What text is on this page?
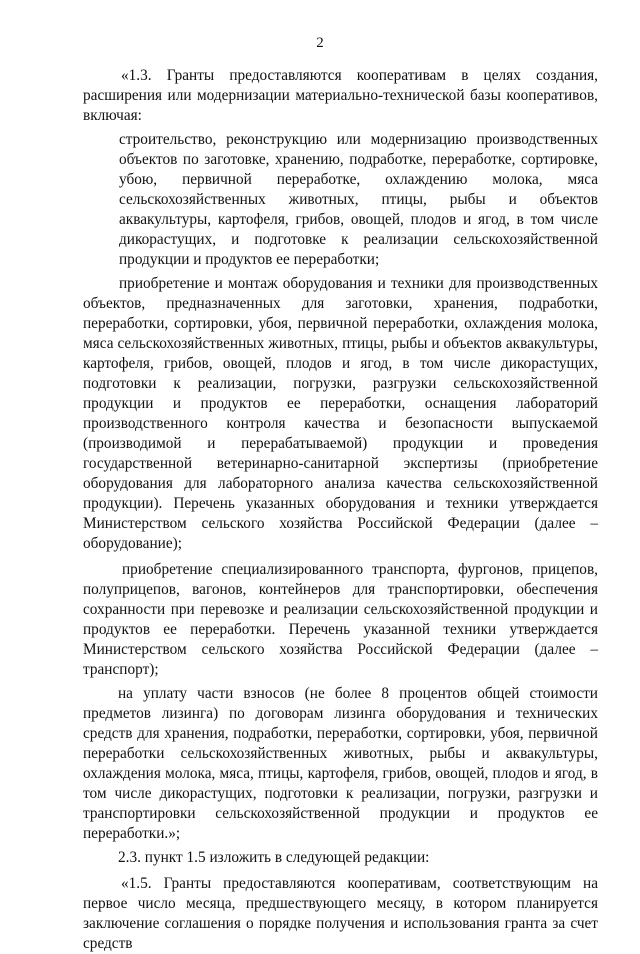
2

«1.3. Гранты предоставляются кооперативам в целях создания, расширения или модернизации материально-технической базы кооперативов, включая:

строительство, реконструкцию или модернизацию производственных объектов по заготовке, хранению, подработке, переработке, сортировке, убою, первичной переработке, охлаждению молока, мяса сельскохозяйственных животных, птицы, рыбы и объектов аквакультуры, картофеля, грибов, овощей, плодов и ягод, в том числе дикорастущих, и подготовке к реализации сельскохозяйственной продукции и продуктов ее переработки;

приобретение и монтаж оборудования и техники для производственных объектов, предназначенных для заготовки, хранения, подработки, переработки, сортировки, убоя, первичной переработки, охлаждения молока, мяса сельскохозяйственных животных, птицы, рыбы и объектов аквакультуры, картофеля, грибов, овощей, плодов и ягод, в том числе дикорастущих, подготовки к реализации, погрузки, разгрузки сельскохозяйственной продукции и продуктов ее переработки, оснащения лабораторий производственного контроля качества и безопасности выпускаемой (производимой и перерабатываемой) продукции и проведения государственной ветеринарно-санитарной экспертизы (приобретение оборудования для лабораторного анализа качества сельскохозяйственной продукции). Перечень указанных оборудования и техники утверждается Министерством сельского хозяйства Российской Федерации (далее – оборудование);

приобретение специализированного транспорта, фургонов, прицепов, полуприцепов, вагонов, контейнеров для транспортировки, обеспечения сохранности при перевозке и реализации сельскохозяйственной продукции и продуктов ее переработки. Перечень указанной техники утверждается Министерством сельского хозяйства Российской Федерации (далее – транспорт);

на уплату части взносов (не более 8 процентов общей стоимости предметов лизинга) по договорам лизинга оборудования и технических средств для хранения, подработки, переработки, сортировки, убоя, первичной переработки сельскохозяйственных животных, рыбы и аквакультуры, охлаждения молока, мяса, птицы, картофеля, грибов, овощей, плодов и ягод, в том числе дикорастущих, подготовки к реализации, погрузки, разгрузки и транспортировки сельскохозяйственной продукции и продуктов ее переработки.»;

2.3. пункт 1.5 изложить в следующей редакции:

«1.5. Гранты предоставляются кооперативам, соответствующим на первое число месяца, предшествующего месяцу, в котором планируется заключение соглашения о порядке получения и использования гранта за счет средств
